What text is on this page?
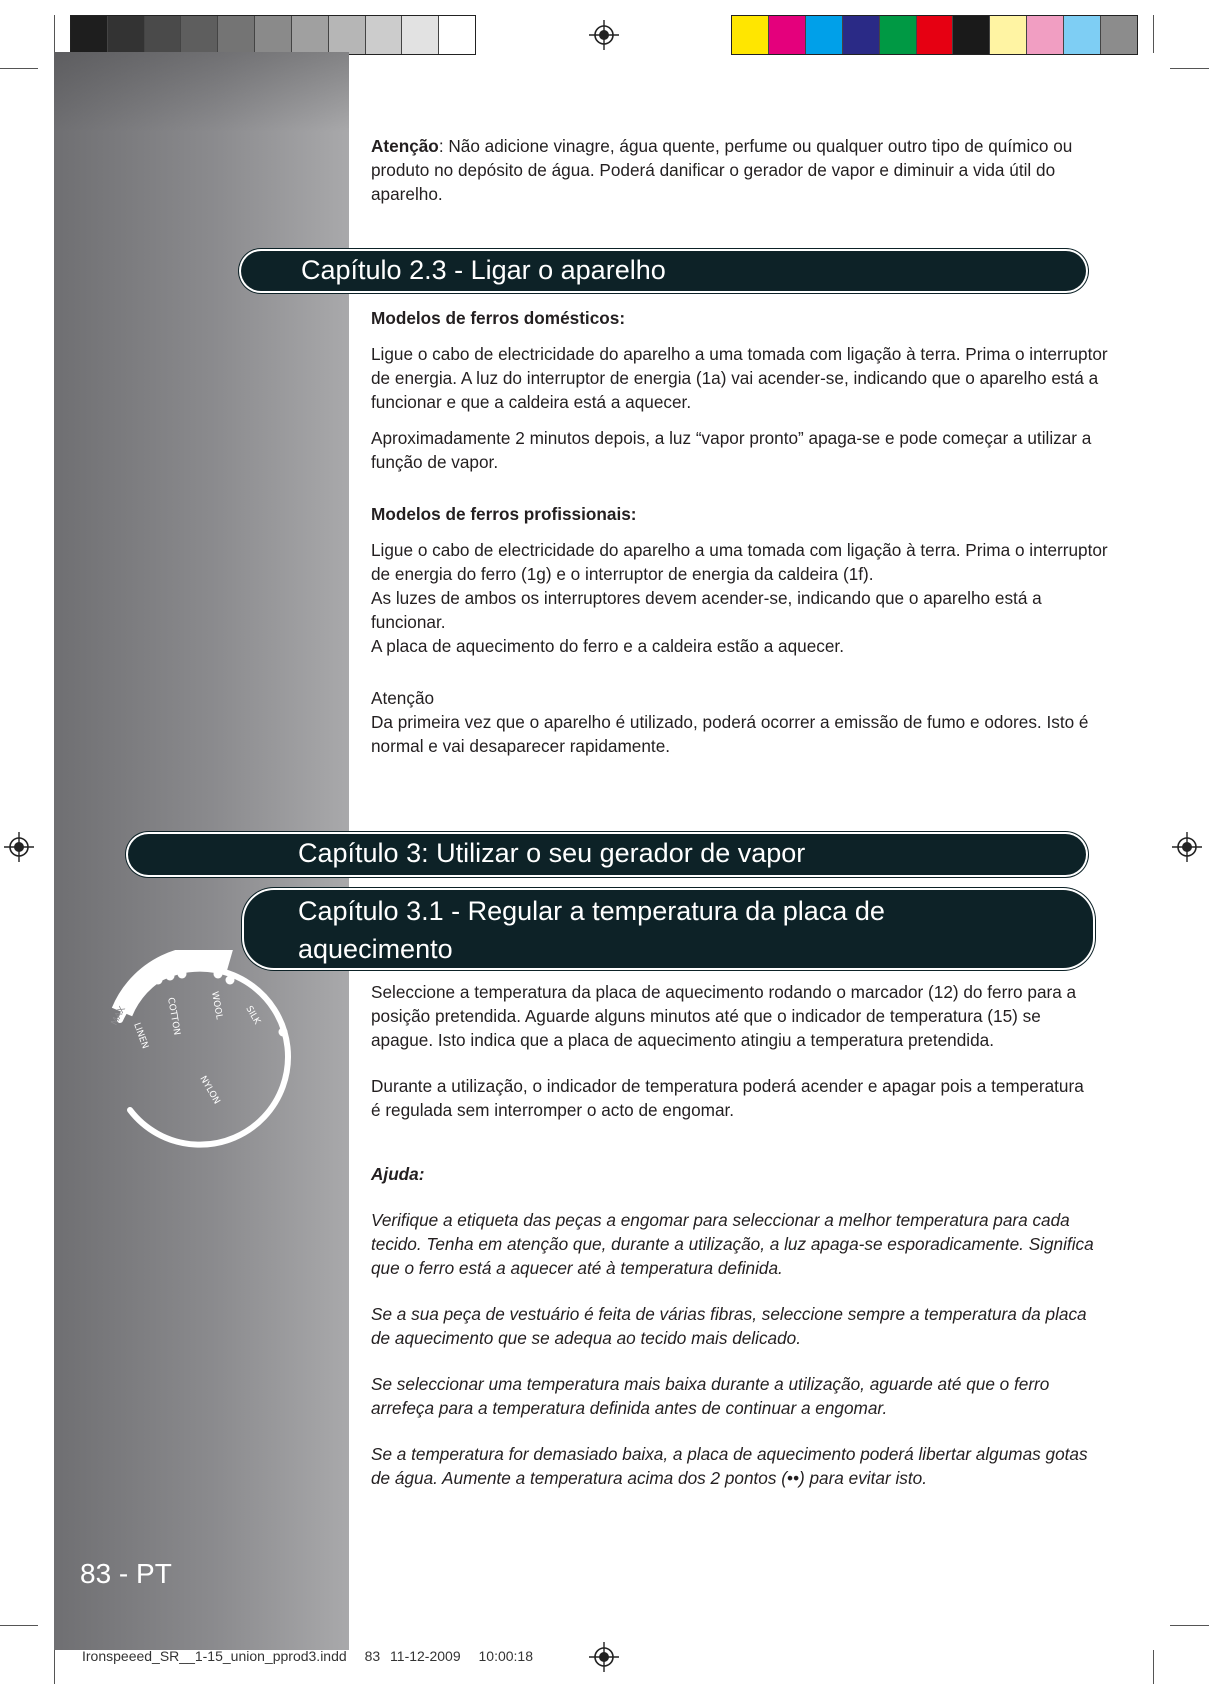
Atenção: Não adicione vinagre, água quente, perfume ou qualquer outro tipo de químico ou produto no depósito de água. Poderá danificar o gerador de vapor e diminuir a vida útil do aparelho.

Capítulo 2.3 - Ligar o aparelho

Modelos de ferros domésticos:

Ligue o cabo de electricidade do aparelho a uma tomada com ligação à terra. Prima o interruptor de energia. A luz do interruptor de energia (1a) vai acender-se, indicando que o aparelho está a funcionar e que a caldeira está a aquecer.

Aproximadamente 2 minutos depois, a luz “vapor pronto” apaga-se e pode começar a utilizar a função de vapor.

Modelos de ferros profissionais:

Ligue o cabo de electricidade do aparelho a uma tomada com ligação à terra. Prima o interruptor de energia do ferro (1g) e o interruptor de energia da caldeira (1f).

As luzes de ambos os interruptores devem acender-se, indicando que o aparelho está a funcionar.

A placa de aquecimento do ferro e a caldeira estão a aquecer.

Atenção

Da primeira vez que o aparelho é utilizado, poderá ocorrer a emissão de fumo e odores. Isto é normal e vai desaparecer rapidamente.

Capítulo 3: Utilizar o seu gerador de vapor
Capítulo 3.1 - Regular a temperatura da placa de
aquecimento
MAX
LINEN COTTON	WOOL SILK
NYLON

Seleccione a temperatura da placa de aquecimento rodando o marcador (12) do ferro para a posição pretendida. Aguarde alguns minutos até que o indicador de temperatura (15) se apague. Isto indica que a placa de aquecimento atingiu a temperatura pretendida.

Durante a utilização, o indicador de temperatura poderá acender e apagar pois a temperatura é regulada sem interromper o acto de engomar.

Ajuda:

Verifique a etiqueta das peças a engomar para seleccionar a melhor temperatura para cada tecido. Tenha em atenção que, durante a utilização, a luz apaga-se esporadicamente. Significa que o ferro está a aquecer até à temperatura definida.

Se a sua peça de vestuário é feita de várias fibras, seleccione sempre a temperatura da placa de aquecimento que se adequa ao tecido mais delicado.

Se seleccionar uma temperatura mais baixa durante a utilização, aguarde até que o ferro arrefeça para a temperatura definida antes de continuar a engomar.

Se a temperatura for demasiado baixa, a placa de aquecimento poderá libertar algumas gotas de água. Aumente a temperatura acima dos 2 pontos (••) para evitar isto.

83 - PT
Ironspeeed_SR__1-15_union_pprod3.indd 83 11-12-2009 10:00:18
